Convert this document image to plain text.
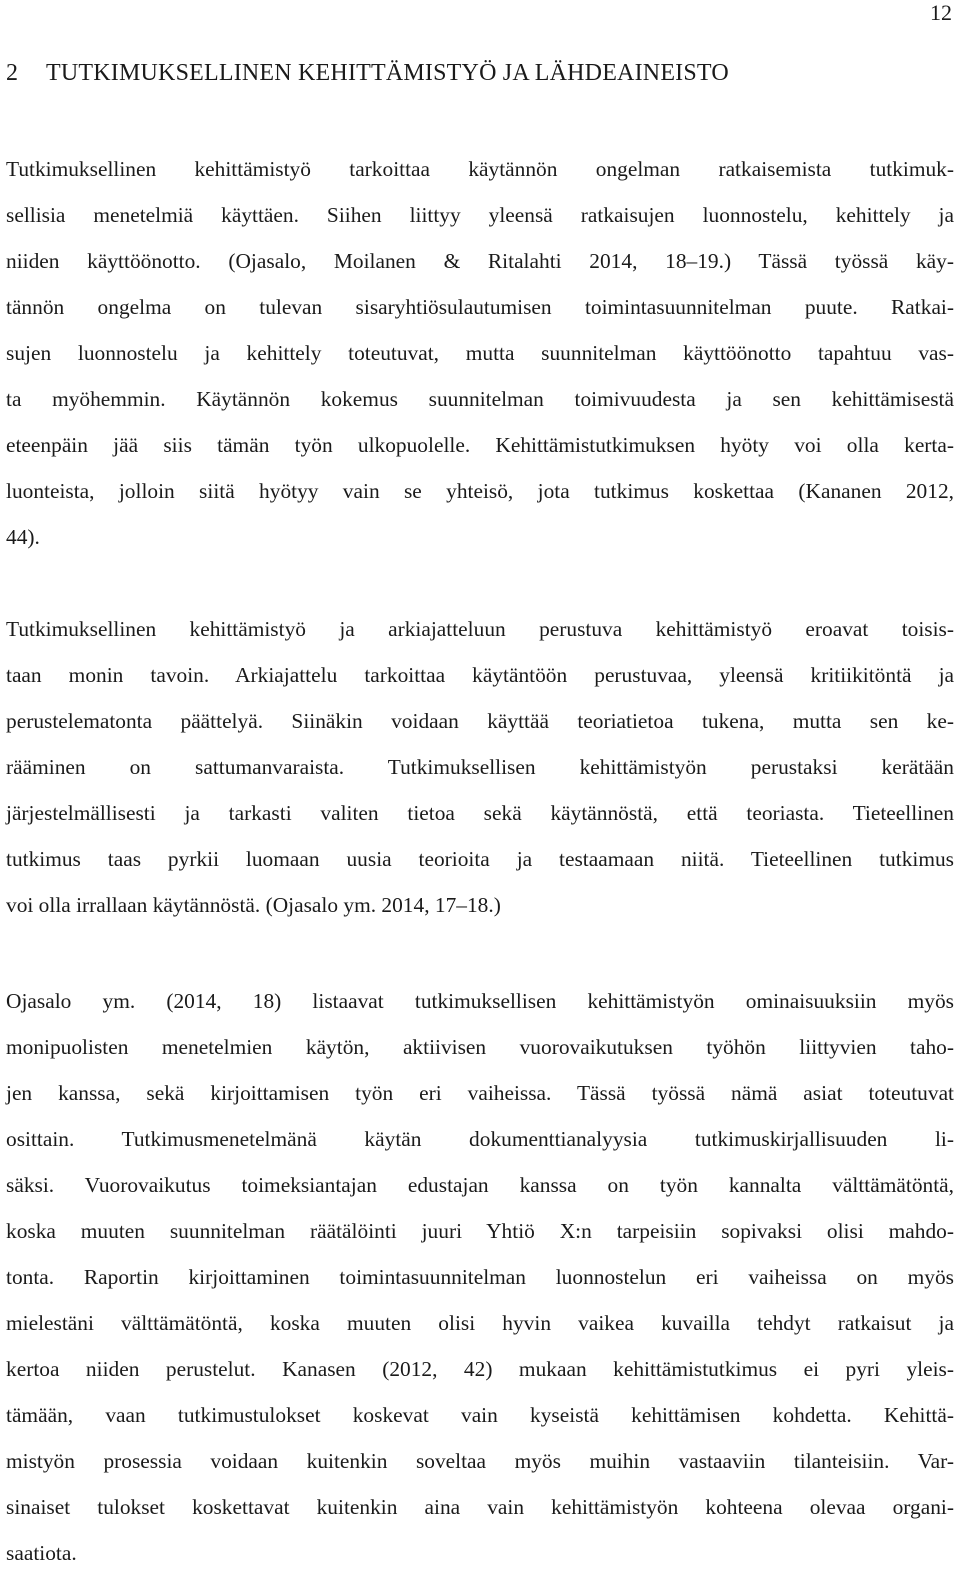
12
2 TUTKIMUKSELLINEN KEHITTÄMISTYÖ JA LÄHDEAINEISTO
Tutkimuksellinen kehittämistyö tarkoittaa käytännön ongelman ratkaisemista tutkimuk-
sellisia menetelmiä käyttäen. Siihen liittyy yleensä ratkaisujen luonnostelu, kehittely ja
niiden käyttöönotto. (Ojasalo, Moilanen & Ritalahti 2014, 18–19.) Tässä työssä käy-
tännön ongelma on tulevan sisaryhtiösulautumisen toimintasuunnitelman puute. Ratkai-
sujen luonnostelu ja kehittely toteutuvat, mutta suunnitelman käyttöönotto tapahtuu vas-
ta myöhemmin. Käytännön kokemus suunnitelman toimivuudesta ja sen kehittämisestä
eteenpäin jää siis tämän työn ulkopuolelle. Kehittämistutkimuksen hyöty voi olla kerta-
luonteista, jolloin siitä hyötyy vain se yhteisö, jota tutkimus koskettaa (Kananen 2012,
44).
Tutkimuksellinen kehittämistyö ja arkiajatteluun perustuva kehittämistyö eroavat toisis-
taan monin tavoin. Arkiajattelu tarkoittaa käytäntöön perustuvaa, yleensä kritiikitöntä ja
perustelematonta päättelyä. Siinäkin voidaan käyttää teoriatietoa tukena, mutta sen ke-
rääminen on sattumanvaraista. Tutkimuksellisen kehittämistyön perustaksi kerätään
järjestelmällisesti ja tarkasti valiten tietoa sekä käytännöstä, että teoriasta. Tieteellinen
tutkimus taas pyrkii luomaan uusia teorioita ja testaamaan niitä. Tieteellinen tutkimus
voi olla irrallaan käytännöstä. (Ojasalo ym. 2014, 17–18.)
Ojasalo ym. (2014, 18) listaavat tutkimuksellisen kehittämistyön ominaisuuksiin myös
monipuolisten menetelmien käytön, aktiivisen vuorovaikutuksen työhön liittyvien taho-
jen kanssa, sekä kirjoittamisen työn eri vaiheissa. Tässä työssä nämä asiat toteutuvat
osittain. Tutkimusmenetelmänä käytän dokumenttianalyysia tutkimuskirjallisuuden li-
säksi. Vuorovaikutus toimeksiantajan edustajan kanssa on työn kannalta välttämätöntä,
koska muuten suunnitelman räätälöinti juuri Yhtiö X:n tarpeisiin sopivaksi olisi mahdo-
tonta. Raportin kirjoittaminen toimintasuunnitelman luonnostelun eri vaiheissa on myös
mielestäni välttämätöntä, koska muuten olisi hyvin vaikea kuvailla tehdyt ratkaisut ja
kertoa niiden perustelut. Kanasen (2012, 42) mukaan kehittämistutkimus ei pyri yleis-
tämään, vaan tutkimustulokset koskevat vain kyseistä kehittämisen kohdetta. Kehittä-
mistyön prosessia voidaan kuitenkin soveltaa myös muihin vastaaviin tilanteisiin. Var-
sinaiset tulokset koskettavat kuitenkin aina vain kehittämistyön kohteena olevaa organi-
saatiota.
